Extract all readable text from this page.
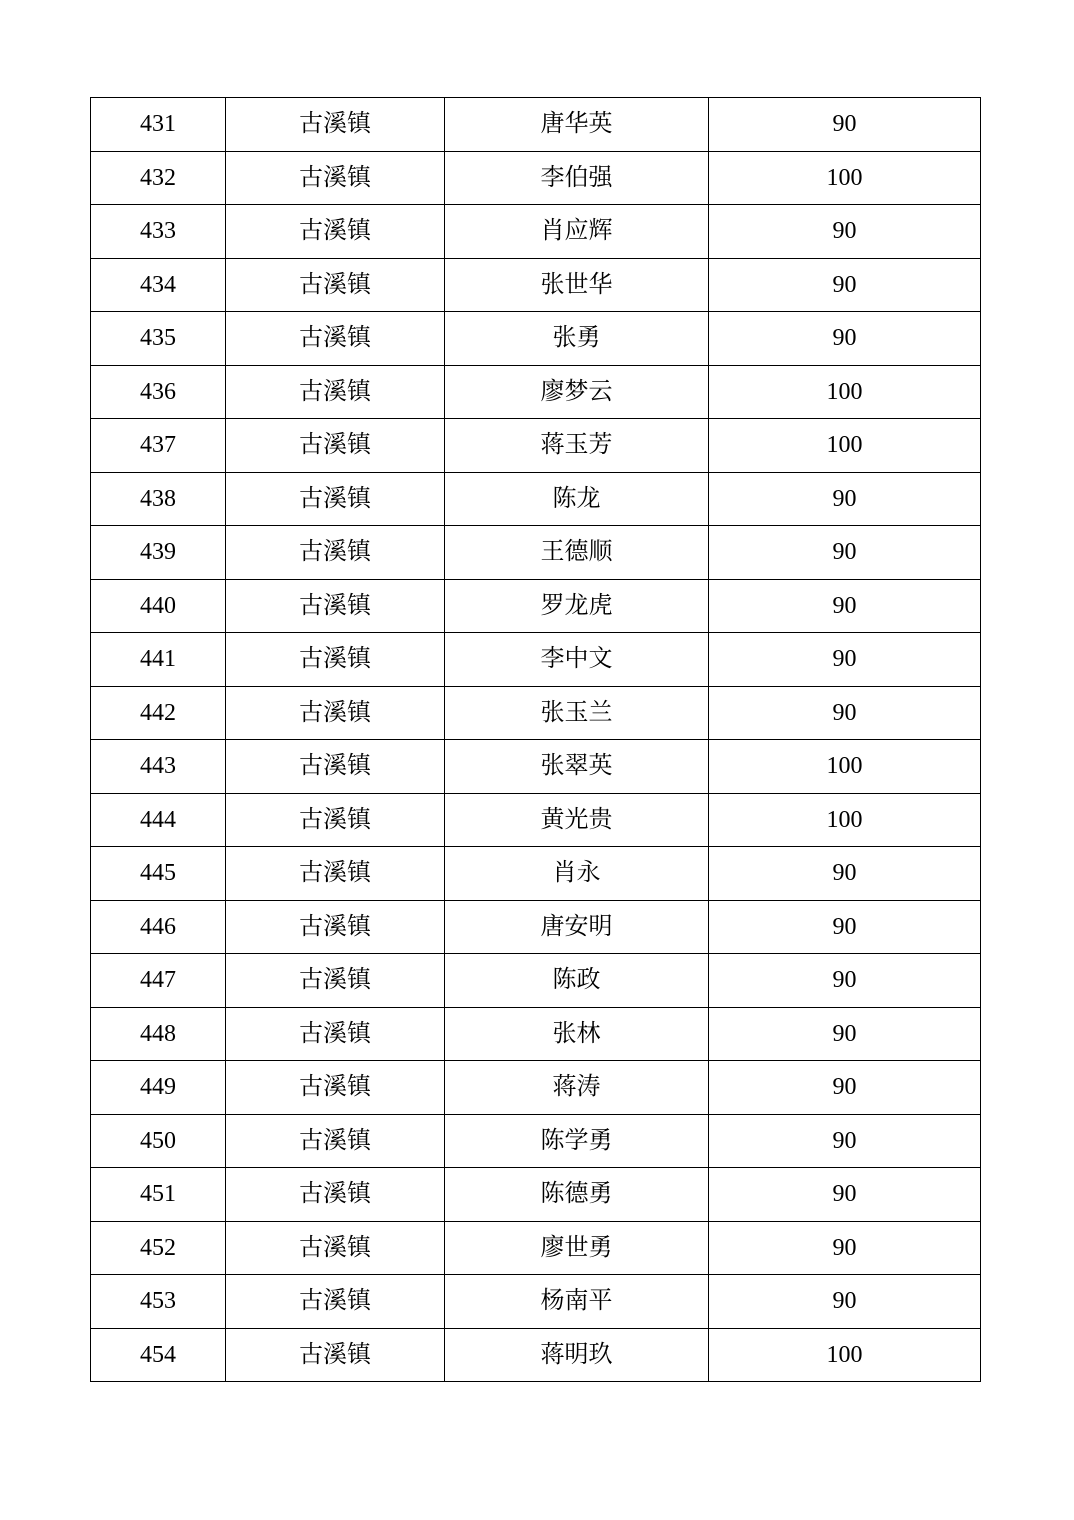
431	古溪镇	唐华英	90
432	古溪镇	李伯强	100
433	古溪镇	肖应辉	90
434	古溪镇	张世华	90
435	古溪镇	张勇	90
436	古溪镇	廖梦云	100
437	古溪镇	蒋玉芳	100
438	古溪镇	陈龙	90
439	古溪镇	王德顺	90
440	古溪镇	罗龙虎	90
441	古溪镇	李中文	90
442	古溪镇	张玉兰	90
443	古溪镇	张翠英	100
444	古溪镇	黄光贵	100
445	古溪镇	肖永	90
446	古溪镇	唐安明	90
447	古溪镇	陈政	90
448	古溪镇	张林	90
449	古溪镇	蒋涛	90
450	古溪镇	陈学勇	90
451	古溪镇	陈德勇	90
452	古溪镇	廖世勇	90
453	古溪镇	杨南平	90
454	古溪镇	蒋明玖	100
